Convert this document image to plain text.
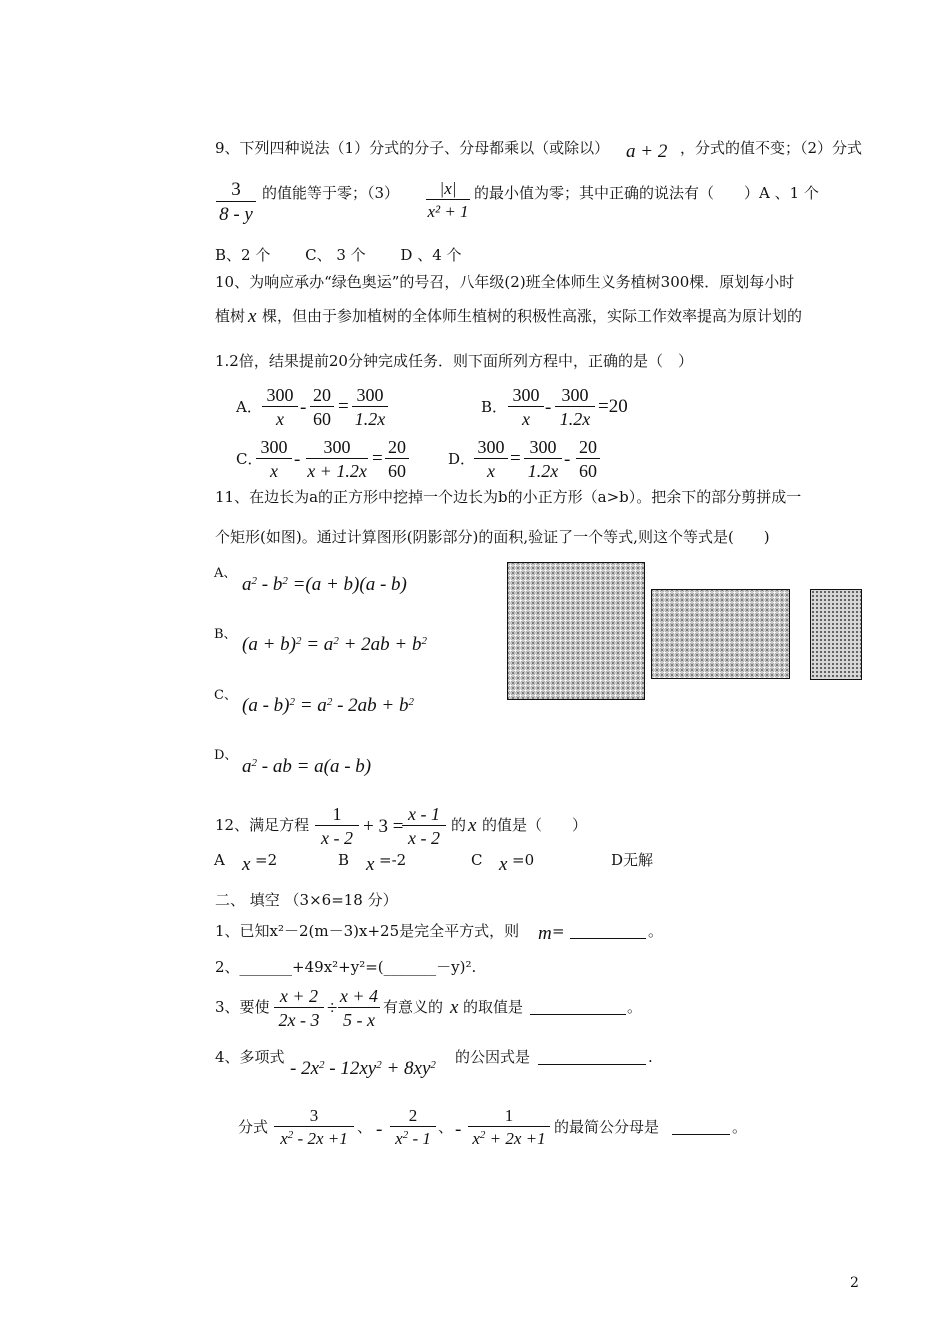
9、下列四种说法（1）分式的分子、分母都乘以（或除以） a + 2 ，分式的值不变；（2）分式
$\frac{3}{8 - y}$ 的值能等于零；$(3) \frac{|x|}{\text{x² + 1}}$ 的最小值为零；其中正确的说法有（　　）A 、1 个
B、2 个　　 C、 3 个　　 D 、4 个
10、为响应承办“绿色奥运”的号召，八年级(2)班全体师生义务植树300棵．原划每小时
植树 x 棵，但由于参加植树的全体师生植树的积极性高涨，实际工作效率提高为原计划的
1.2倍，结果提前20分钟完成任务．则下面所列方程中，正确的是（　）
A． $\frac{300}{x} - \frac{20}{60} = \frac{300}{1.2x}$	B． $\frac{300}{x} - \frac{300}{1.2x} =20$
C．
$\frac{300}{x} - \frac{300}{x + 1.2x} = \frac{20}{60}$	D．
$\frac{300}{x} = \frac{300}{1.2x} - \frac{20}{60}$
11、在边长为a的正方形中挖掉一个边长为b的小正方形（a>b）。把余下的部分剪拼成一
个矩形(如图)。通过计算图形(阴影部分)的面积,验证了一个等式,则这个等式是(　　)
A、
$a^2 - b^2 =(a + b)(a - b)$
B、 $(a + b)^2 = a^2 + 2ab + b^2$
C、 $(a - b)^2 = a^2 - 2ab + b^2$
D、
$a^2$ - ab = a(a - b)
12、满足方程 $\frac{1}{x - 2} + 3$ =
$\frac{x - 1}{x - 2}$ 的 x 的值是（　　）
A x =2	B x =-2	C x =0	D无解
二、 填空 （3×6=18 分）
1、已知x²－2(m－3)x+25是完全平方式，则 m =	。
2、_______+49x²+y²=(_______－y)².
3、要使 $\frac{x + 2}{2x - 3} \div \frac{x + 4}{5 - x}$ 有意义的 x 的取值是	。
4、多项式
- $2x^2 - 12xy^2 + 8xy^2$ 的公因式是	.
分式 $\frac{3}{x^2 - 2x +1}$ 、 - $\frac{2}{x^2 - 1}$ 、 - $\frac{1}{x^2 + 2x +1}$ 的最简公分母是	。
2
